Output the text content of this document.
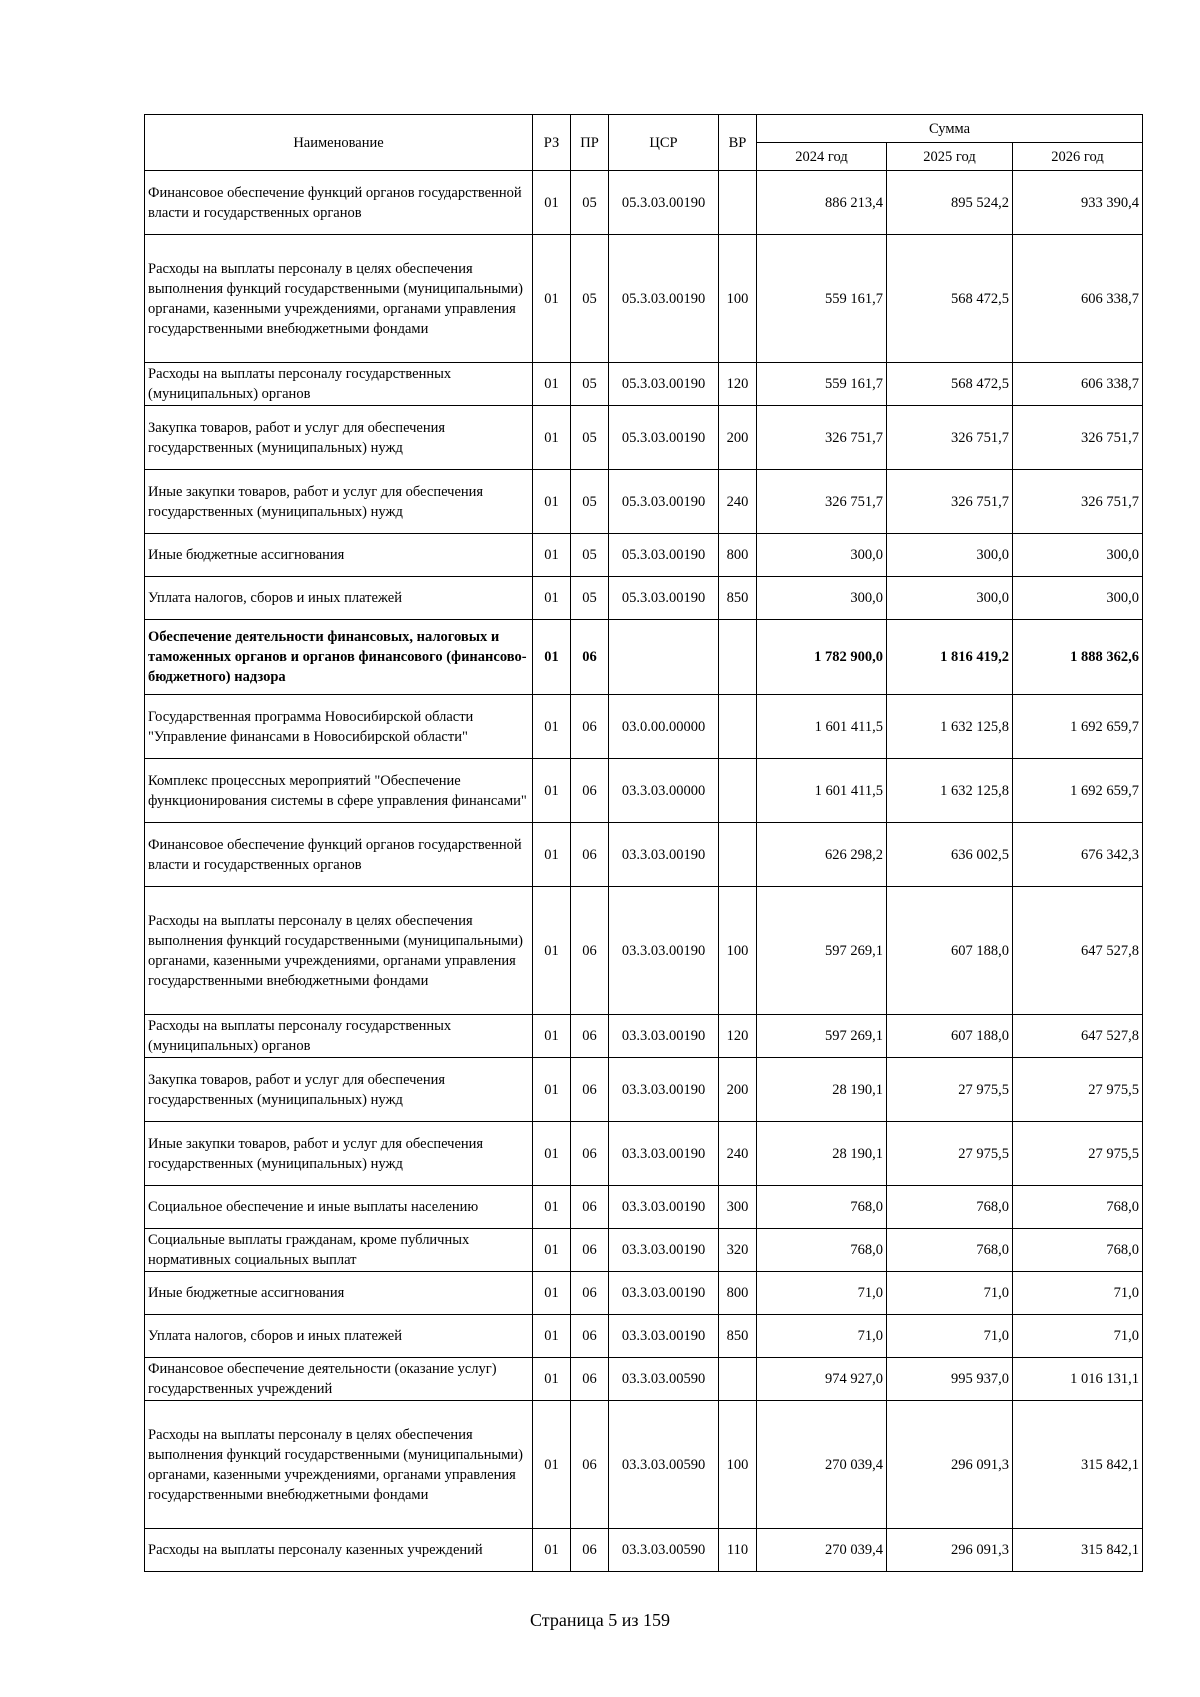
Наименование	РЗ	ПР	ЦСР	ВР	Сумма		
					2024 год	2025 год	2026 год
Финансовое обеспечение функций органов государственной власти и государственных органов	01	05	05.3.03.00190		886 213,4	895 524,2	933 390,4
Расходы на выплаты персоналу в целях обеспечения выполнения функций государственными (муниципальными) органами, казенными учреждениями, органами управления государственными внебюджетными фондами	01	05	05.3.03.00190	100	559 161,7	568 472,5	606 338,7
Расходы на выплаты персоналу государственных (муниципальных) органов	01	05	05.3.03.00190	120	559 161,7	568 472,5	606 338,7
Закупка товаров, работ и услуг для обеспечения государственных (муниципальных) нужд	01	05	05.3.03.00190	200	326 751,7	326 751,7	326 751,7
Иные закупки товаров, работ и услуг для обеспечения государственных (муниципальных) нужд	01	05	05.3.03.00190	240	326 751,7	326 751,7	326 751,7
Иные бюджетные ассигнования	01	05	05.3.03.00190	800	300,0	300,0	300,0
Уплата налогов, сборов и иных платежей	01	05	05.3.03.00190	850	300,0	300,0	300,0
Обеспечение деятельности финансовых, налоговых и таможенных органов и органов финансового (финансово-бюджетного) надзора	01	06			1 782 900,0	1 816 419,2	1 888 362,6
Государственная программа Новосибирской области "Управление финансами в Новосибирской области"	01	06	03.0.00.00000		1 601 411,5	1 632 125,8	1 692 659,7
Комплекс процессных мероприятий "Обеспечение функционирования системы в сфере управления финансами"	01	06	03.3.03.00000		1 601 411,5	1 632 125,8	1 692 659,7
Финансовое обеспечение функций органов государственной власти и государственных органов	01	06	03.3.03.00190		626 298,2	636 002,5	676 342,3
Расходы на выплаты персоналу в целях обеспечения выполнения функций государственными (муниципальными) органами, казенными учреждениями, органами управления государственными внебюджетными фондами	01	06	03.3.03.00190	100	597 269,1	607 188,0	647 527,8
Расходы на выплаты персоналу государственных (муниципальных) органов	01	06	03.3.03.00190	120	597 269,1	607 188,0	647 527,8
Закупка товаров, работ и услуг для обеспечения государственных (муниципальных) нужд	01	06	03.3.03.00190	200	28 190,1	27 975,5	27 975,5
Иные закупки товаров, работ и услуг для обеспечения государственных (муниципальных) нужд	01	06	03.3.03.00190	240	28 190,1	27 975,5	27 975,5
Социальное обеспечение и иные выплаты населению	01	06	03.3.03.00190	300	768,0	768,0	768,0
Социальные выплаты гражданам, кроме публичных нормативных социальных выплат	01	06	03.3.03.00190	320	768,0	768,0	768,0
Иные бюджетные ассигнования	01	06	03.3.03.00190	800	71,0	71,0	71,0
Уплата налогов, сборов и иных платежей	01	06	03.3.03.00190	850	71,0	71,0	71,0
Финансовое обеспечение деятельности (оказание услуг) государственных учреждений	01	06	03.3.03.00590		974 927,0	995 937,0	1 016 131,1
Расходы на выплаты персоналу в целях обеспечения выполнения функций государственными (муниципальными) органами, казенными учреждениями, органами управления государственными внебюджетными фондами	01	06	03.3.03.00590	100	270 039,4	296 091,3	315 842,1
Расходы на выплаты персоналу казенных учреждений	01	06	03.3.03.00590	110	270 039,4	296 091,3	315 842,1
Страница 5 из 159
